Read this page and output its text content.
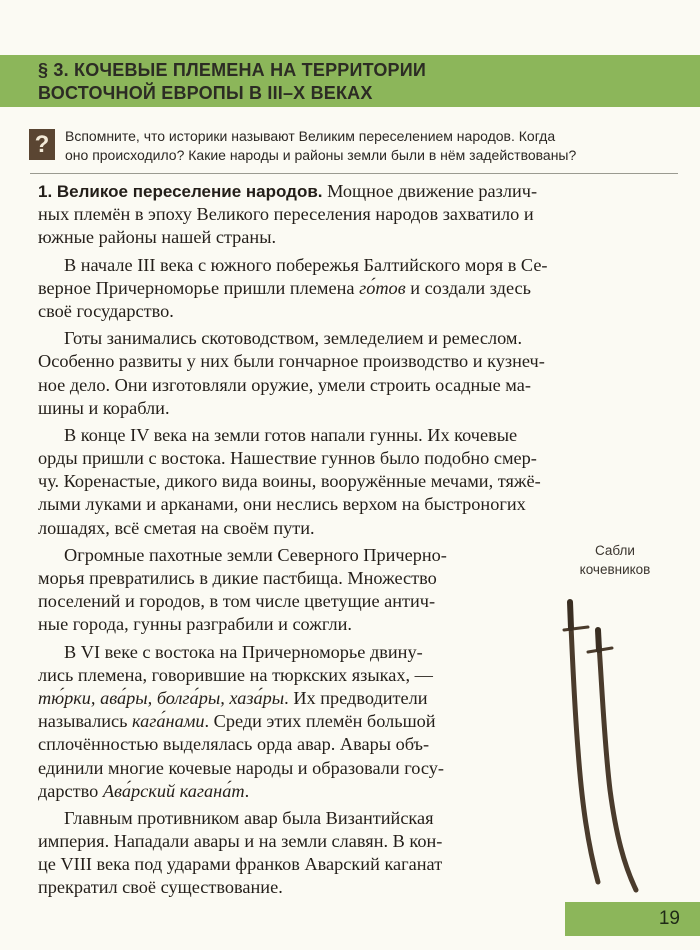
§ 3. КОЧЕВЫЕ ПЛЕМЕНА НА ТЕРРИТОРИИ
ВОСТОЧНОЙ ЕВРОПЫ В III–X ВЕКАХ
?	Вспомните, что историки называют Великим переселением народов. Когда
оно происходило? Какие народы и районы земли были в нём задействованы?
1. Великое переселение народов. Мощное движение различ-
ных племён в эпоху Великого переселения народов захватило и
южные районы нашей страны.
В начале III века с южного побережья Балтийского моря в Се-
верное Причерноморье пришли племена го́тов и создали здесь
своё государство.
Готы занимались скотоводством, земледелием и ремеслом.
Особенно развиты у них были гончарное производство и кузнеч-
ное дело. Они изготовляли оружие, умели строить осадные ма-
шины и корабли.
В конце IV века на земли готов напали гунны. Их кочевые
орды пришли с востока. Нашествие гуннов было подобно смер-
чу. Коренастые, дикого вида воины, вооружённые мечами, тяжё-
лыми луками и арканами, они неслись верхом на быстроногих
лошадях, всё сметая на своём пути.
Огромные пахотные земли Северного Причерно-
морья превратились в дикие пастбища. Множество
поселений и городов, в том числе цветущие антич-
ные города, гунны разграбили и сожгли.
В VI веке с востока на Причерноморье двину-
лись племена, говорившие на тюркских языках, —
тю́рки, ава́ры, болга́ры, хаза́ры. Их предводители
назывались кага́нами. Среди этих племён большой
сплочённостью выделялась орда авар. Авары объ-
единили многие кочевые народы и образовали госу-
дарство Ава́рский кагана́т.
Главным противником авар была Византийская
империя. Нападали авары и на земли славян. В кон-
це VIII века под ударами франков Аварский каганат
прекратил своё существование.
Сабли
кочевников
19
